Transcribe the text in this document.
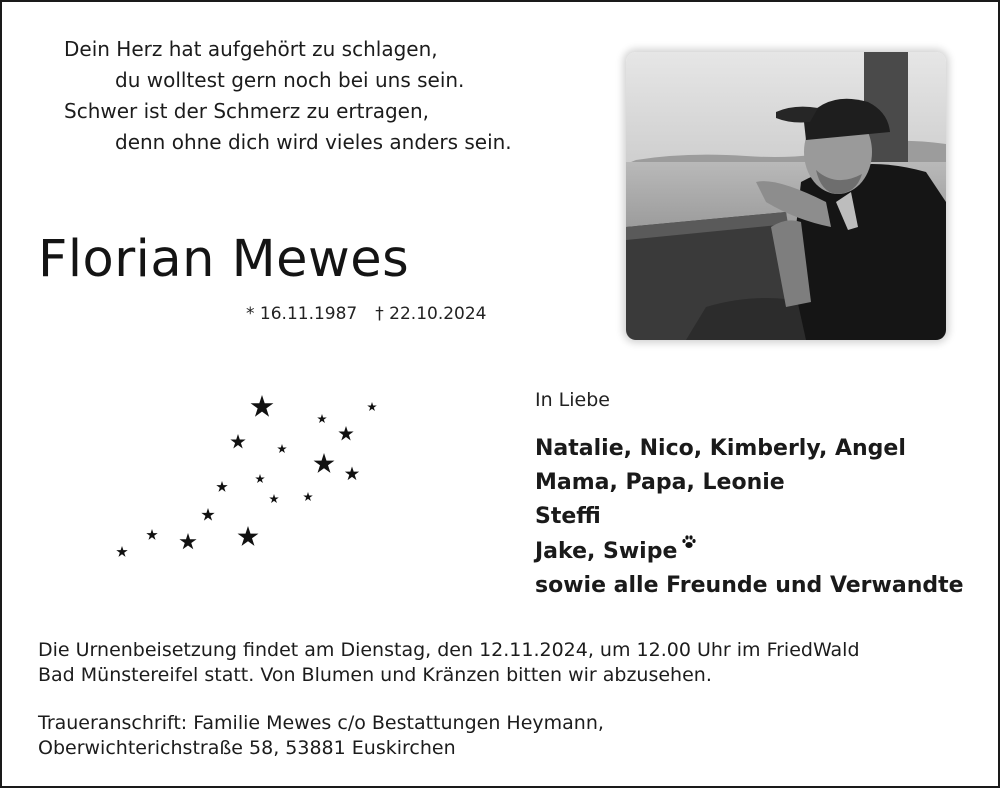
Dein Herz hat aufgehört zu schlagen,
du wolltest gern noch bei uns sein.
Schwer ist der Schmerz zu ertragen,
denn ohne dich wird vieles anders sein.

Florian Mewes
* 16.11.1987 † 22.10.2024
In Liebe
Natalie, Nico, Kimberly, Angel
Mama, Papa, Leonie
Steffi
Jake, Swipe
sowie alle Freunde und Verwandte

Die Urnenbeisetzung findet am Dienstag, den 12.11.2024, um 12.00 Uhr im FriedWald
Bad Münstereifel statt. Von Blumen und Kränzen bitten wir abzusehen.

Traueranschrift: Familie Mewes c/o Bestattungen Heymann,
Oberwichterichstraße 58, 53881 Euskirchen
